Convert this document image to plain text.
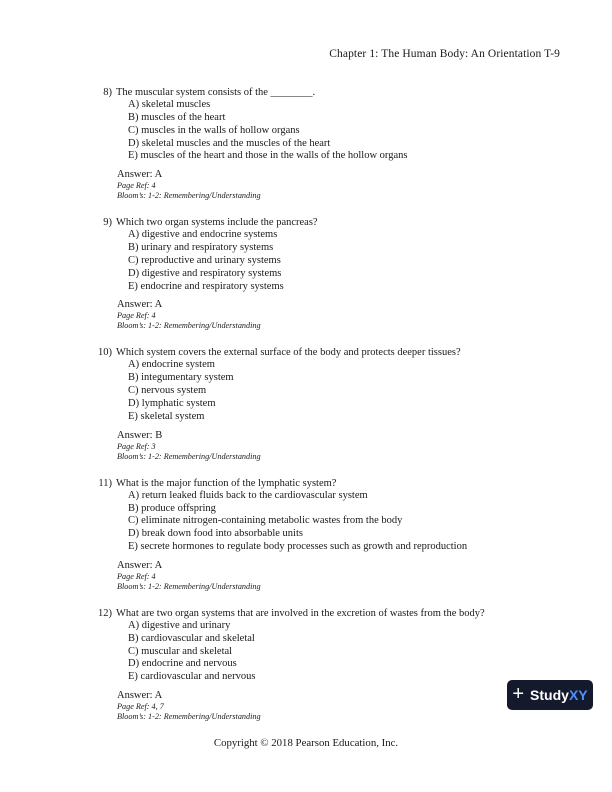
Chapter 1: The Human Body: An Orientation T-9
8) The muscular system consists of the ________.
A) skeletal muscles
B) muscles of the heart
C) muscles in the walls of hollow organs
D) skeletal muscles and the muscles of the heart
E) muscles of the heart and those in the walls of the hollow organs
Answer: A
Page Ref: 4
Bloom’s: 1-2: Remembering/Understanding
9) Which two organ systems include the pancreas?
A) digestive and endocrine systems
B) urinary and respiratory systems
C) reproductive and urinary systems
D) digestive and respiratory systems
E) endocrine and respiratory systems
Answer: A
Page Ref: 4
Bloom’s: 1-2: Remembering/Understanding
10) Which system covers the external surface of the body and protects deeper tissues?
A) endocrine system
B) integumentary system
C) nervous system
D) lymphatic system
E) skeletal system
Answer: B
Page Ref: 3
Bloom’s: 1-2: Remembering/Understanding
11) What is the major function of the lymphatic system?
A) return leaked fluids back to the cardiovascular system
B) produce offspring
C) eliminate nitrogen-containing metabolic wastes from the body
D) break down food into absorbable units
E) secrete hormones to regulate body processes such as growth and reproduction
Answer: A
Page Ref: 4
Bloom’s: 1-2: Remembering/Understanding
12) What are two organ systems that are involved in the excretion of wastes from the body?
A) digestive and urinary
B) cardiovascular and skeletal
C) muscular and skeletal
D) endocrine and nervous
E) cardiovascular and nervous
Answer: A
Page Ref: 4, 7
Bloom’s: 1-2: Remembering/Understanding
+ StudyXY
Copyright © 2018 Pearson Education, Inc.
